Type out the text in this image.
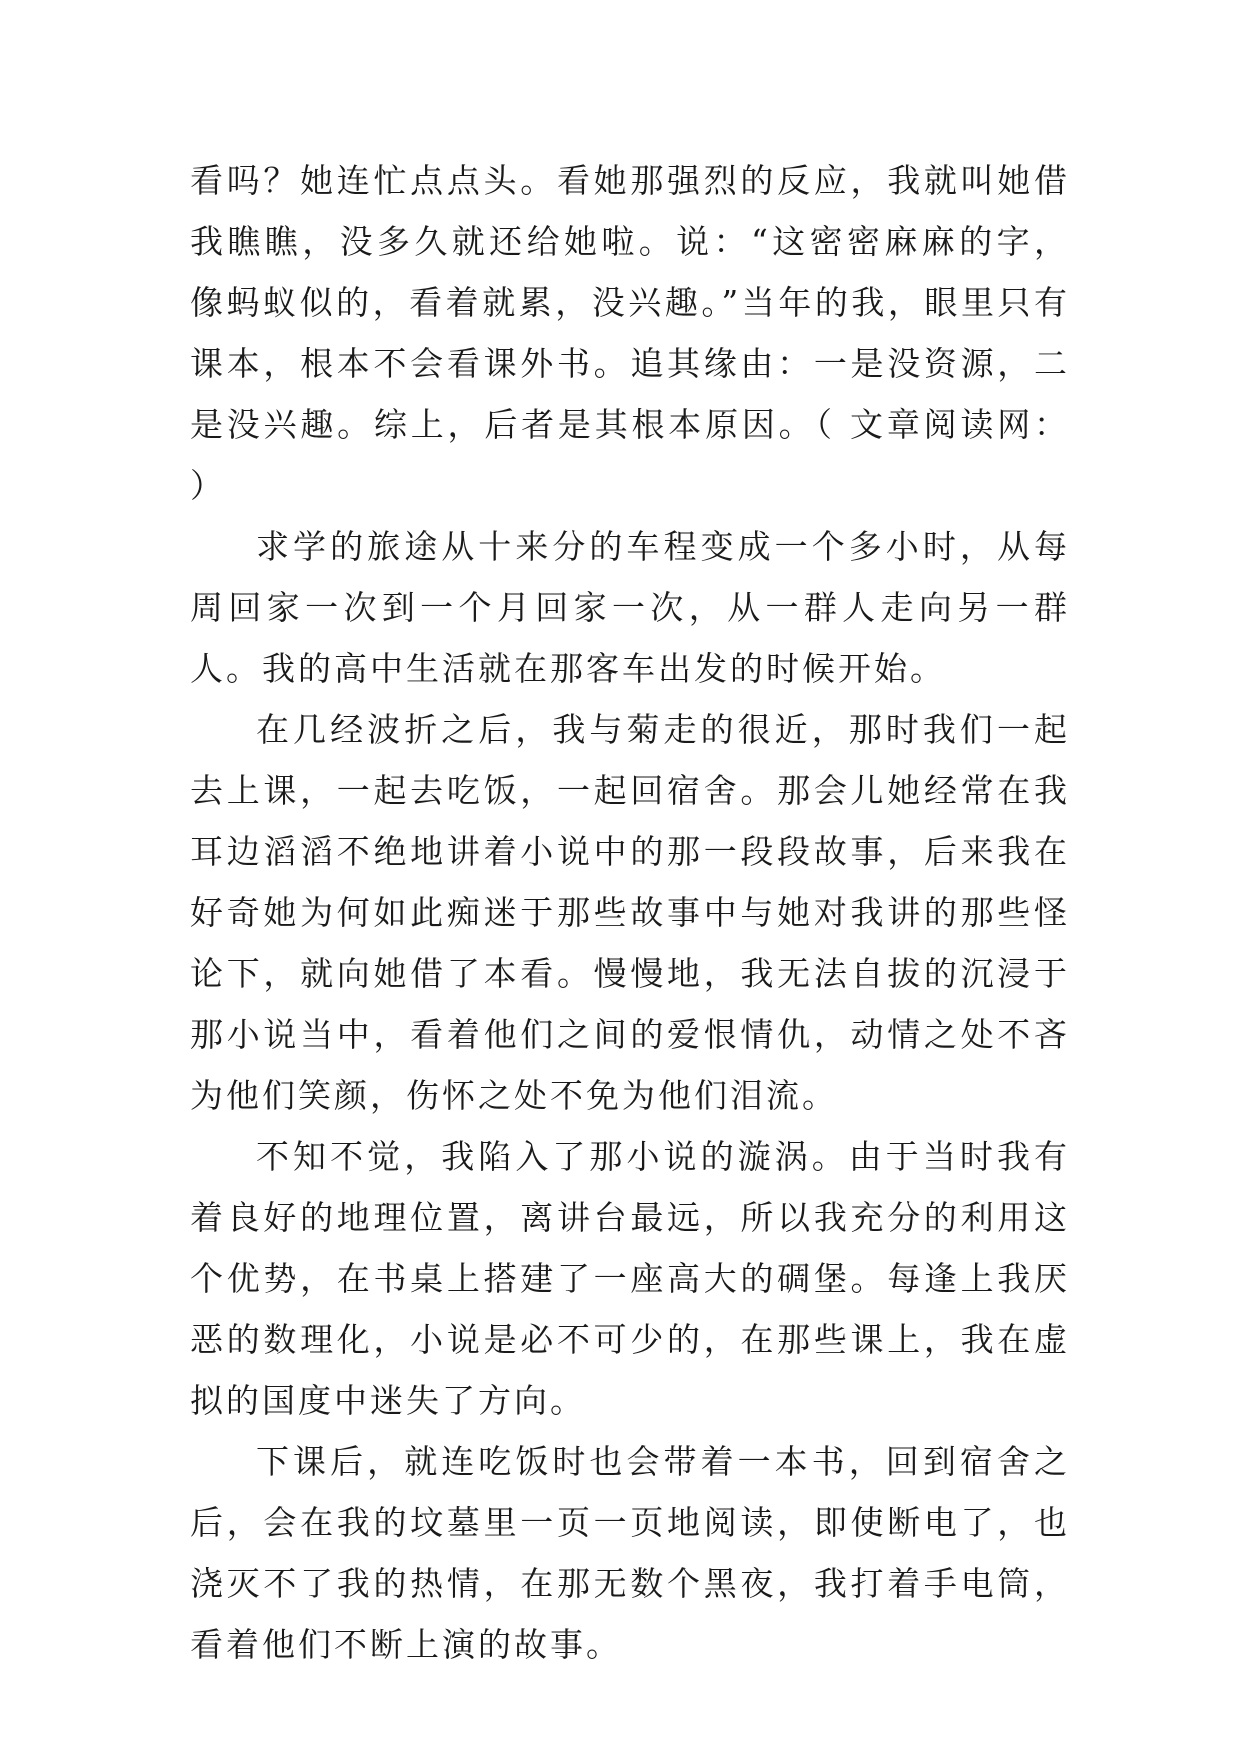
看吗？她连忙点点头。看她那强烈的反应，我就叫她借我瞧瞧，没多久就还给她啦。说：“这密密麻麻的字，像蚂蚁似的，看着就累，没兴趣。”当年的我，眼里只有课本，根本不会看课外书。追其缘由：一是没资源，二是没兴趣。综上，后者是其根本原因。（ 文章阅读网： ）

求学的旅途从十来分的车程变成一个多小时，从每周回家一次到一个月回家一次，从一群人走向另一群人。我的高中生活就在那客车出发的时候开始。

在几经波折之后，我与菊走的很近，那时我们一起去上课，一起去吃饭，一起回宿舍。那会儿她经常在我耳边滔滔不绝地讲着小说中的那一段段故事，后来我在好奇她为何如此痴迷于那些故事中与她对我讲的那些怪论下，就向她借了本看。慢慢地，我无法自拔的沉浸于那小说当中，看着他们之间的爱恨情仇，动情之处不吝为他们笑颜，伤怀之处不免为他们泪流。

不知不觉，我陷入了那小说的漩涡。由于当时我有着良好的地理位置，离讲台最远，所以我充分的利用这个优势，在书桌上搭建了一座高大的碉堡。每逢上我厌恶的数理化，小说是必不可少的，在那些课上，我在虚拟的国度中迷失了方向。

下课后，就连吃饭时也会带着一本书，回到宿舍之后，会在我的坟墓里一页一页地阅读，即使断电了，也浇灭不了我的热情，在那无数个黑夜，我打着手电筒，看着他们不断上演的故事。
